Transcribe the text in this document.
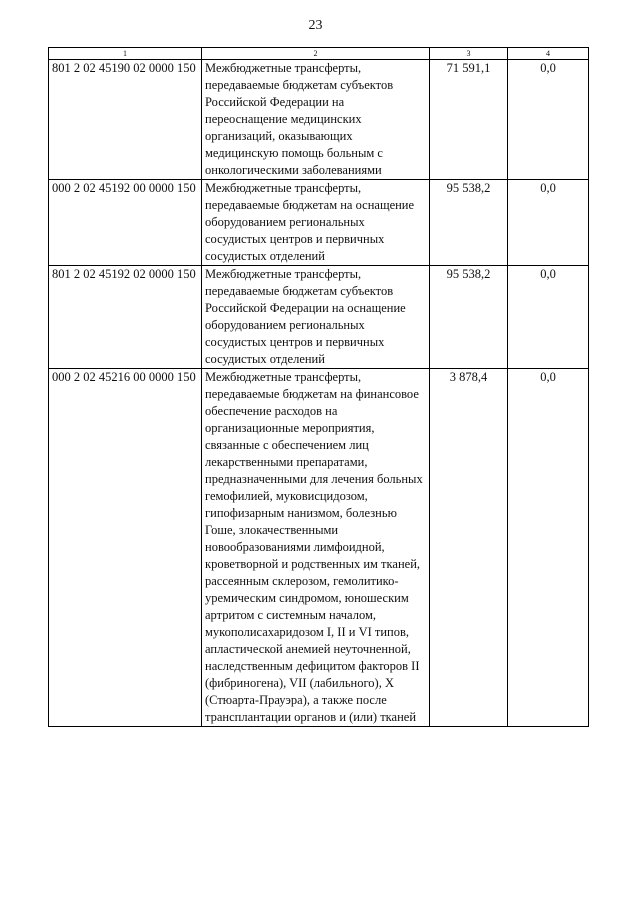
23
1	2	3	4
801 2 02 45190 02 0000 150	Межбюджетные трансферты, передаваемые бюджетам субъектов Российской Федерации на переоснащение медицинских организаций, оказывающих медицинскую помощь больным с онкологическими заболеваниями	71 591,1	0,0
000 2 02 45192 00 0000 150	Межбюджетные трансферты, передаваемые бюджетам на оснащение оборудованием региональных сосудистых центров и первичных сосудистых отделений	95 538,2	0,0
801 2 02 45192 02 0000 150	Межбюджетные трансферты, передаваемые бюджетам субъектов Российской Федерации на оснащение оборудованием региональных сосудистых центров и первичных сосудистых отделений	95 538,2	0,0
000 2 02 45216 00 0000 150	Межбюджетные трансферты, передаваемые бюджетам на финансовое обеспечение расходов на организационные мероприятия, связанные с обеспечением лиц лекарственными препаратами, предназначенными для лечения больных гемофилией, муковисцидозом, гипофизарным нанизмом, болезнью Гоше, злокачественными новообразованиями лимфоидной, кроветворной и родственных им тканей, рассеянным склерозом, гемолитико-уремическим синдромом, юношеским артритом с системным началом, мукополисахаридозом I, II и VI типов, апластической анемией неуточненной, наследственным дефицитом факторов II (фибриногена), VII (лабильного), X (Стюарта-Прауэра), а также после трансплантации органов и (или) тканей	3 878,4	0,0
